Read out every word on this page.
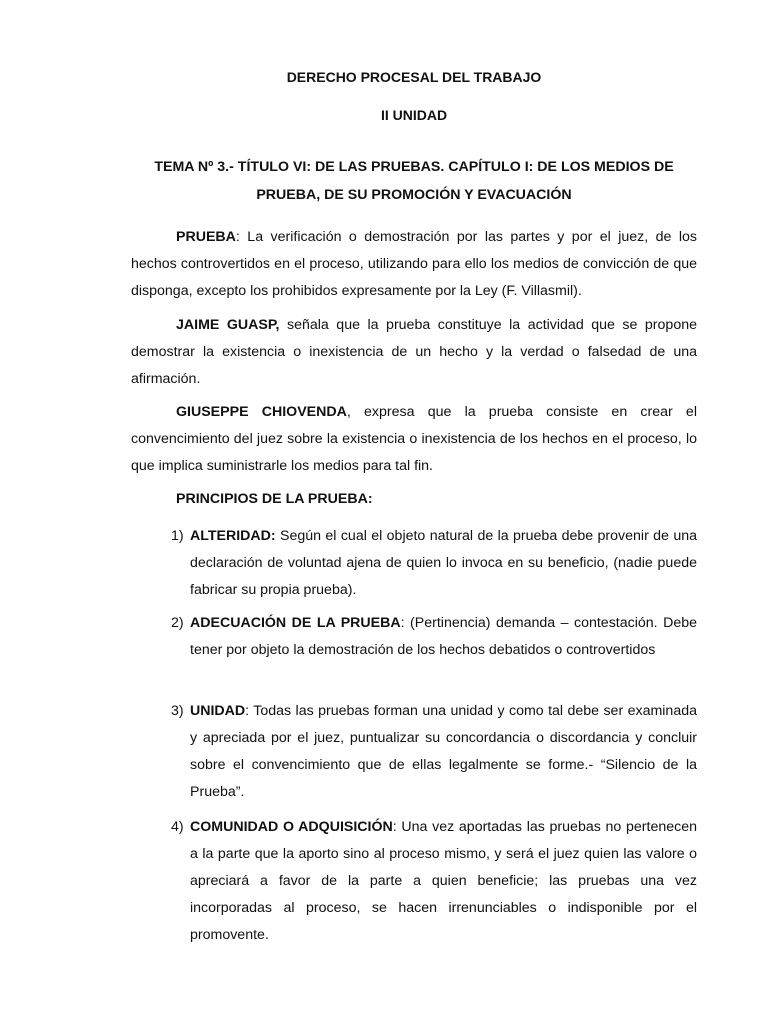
DERECHO PROCESAL DEL TRABAJO
II UNIDAD
TEMA Nº 3.- TÍTULO VI: DE LAS PRUEBAS. CAPÍTULO I: DE LOS MEDIOS DE
PRUEBA, DE SU PROMOCIÓN Y EVACUACIÓN

PRUEBA: La verificación o demostración por las partes y por el juez, de los hechos controvertidos en el proceso, utilizando para ello los medios de convicción de que disponga, excepto los prohibidos expresamente por la Ley (F. Villasmil).

JAIME GUASP, señala que la prueba constituye la actividad que se propone demostrar la existencia o inexistencia de un hecho y la verdad o falsedad de una afirmación.

GIUSEPPE CHIOVENDA, expresa que la prueba consiste en crear el convencimiento del juez sobre la existencia o inexistencia de los hechos en el proceso, lo que implica suministrarle los medios para tal fin.

PRINCIPIOS DE LA PRUEBA:
1) ALTERIDAD: Según el cual el objeto natural de la prueba debe provenir de una declaración de voluntad ajena de quien lo invoca en su beneficio, (nadie puede fabricar su propia prueba).
2) ADECUACIÓN DE LA PRUEBA: (Pertinencia) demanda – contestación. Debe tener por objeto la demostración de los hechos debatidos o controvertidos
3) UNIDAD: Todas las pruebas forman una unidad y como tal debe ser examinada y apreciada por el juez, puntualizar su concordancia o discordancia y concluir sobre el convencimiento que de ellas legalmente se forme.- “Silencio de la Prueba”.
4) COMUNIDAD O ADQUISICIÓN: Una vez aportadas las pruebas no pertenecen a la parte que la aporto sino al proceso mismo, y será el juez quien las valore o apreciará a favor de la parte a quien beneficie; las pruebas una vez incorporadas al proceso, se hacen irrenunciables o indisponible por el promovente.
